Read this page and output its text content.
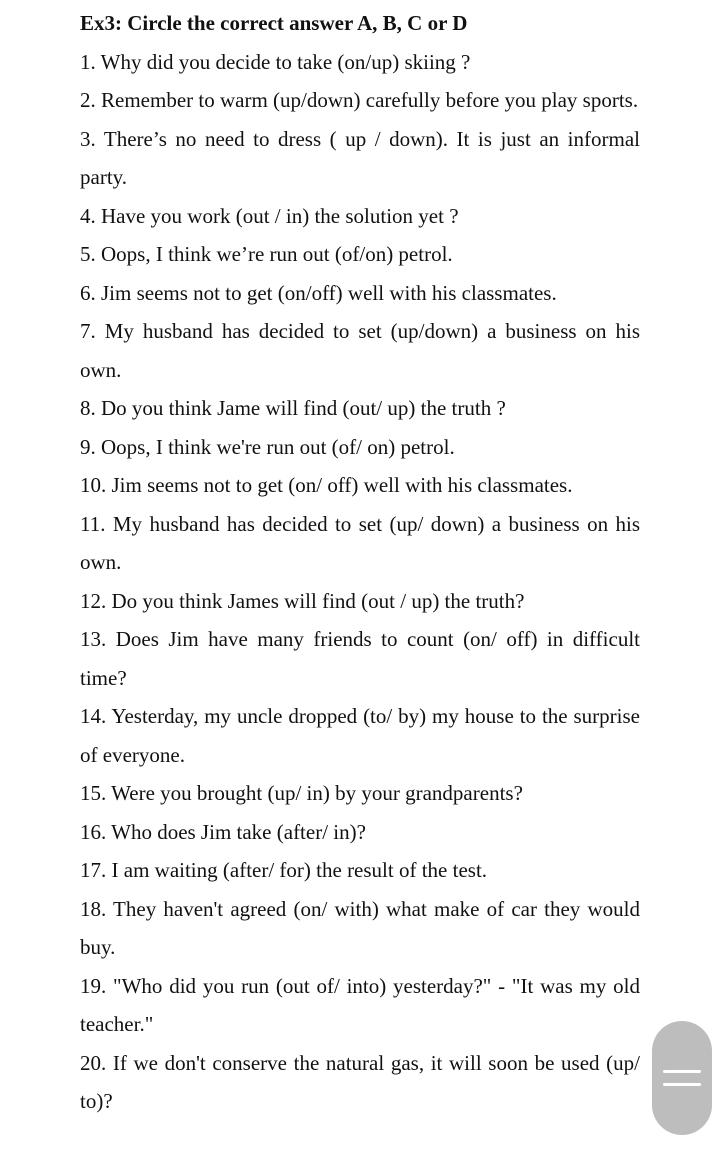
Ex3: Circle the correct answer A, B, C or D

1. Why did you decide to take (on/up) skiing ?

2. Remember to warm (up/down) carefully before you play sports.

3. There’s no need to dress ( up / down). It is just an informal party.

4. Have you work (out / in) the solution yet ?

5. Oops, I think we’re run out (of/on) petrol.

6. Jim seems not to get (on/off) well with his classmates.

7. My husband has decided to set (up/down) a business on his own.

8. Do you think Jame will find (out/ up) the truth ?

9. Oops, I think we're run out (of/ on) petrol.

10. Jim seems not to get (on/ off) well with his classmates.

11. My husband has decided to set (up/ down) a business on his own.

12. Do you think James will find (out / up) the truth?

13. Does Jim have many friends to count (on/ off) in difficult time?

14. Yesterday, my uncle dropped (to/ by) my house to the surprise of everyone.

15. Were you brought (up/ in) by your grandparents?

16. Who does Jim take (after/ in)?

17. I am waiting (after/ for) the result of the test.

18. They haven't agreed (on/ with) what make of car they would buy.

19. "Who did you run (out of/ into) yesterday?" - "It was my old teacher."

20. If we don't conserve the natural gas, it will soon be used (up/ to)?
